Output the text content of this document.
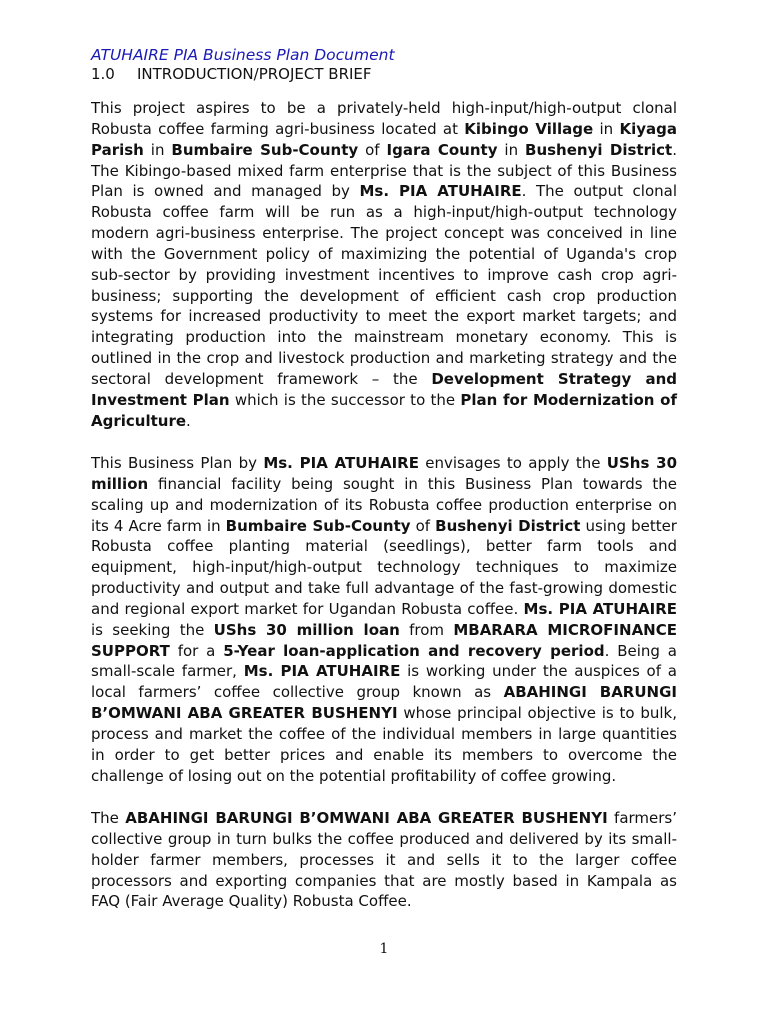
ATUHAIRE PIA Business Plan Document
1.0 INTRODUCTION/PROJECT BRIEF

This project aspires to be a privately-held high-input/high-output clonal Robusta coffee farming agri-business located at Kibingo Village in Kiyaga Parish in Bumbaire Sub-County of Igara County in Bushenyi District. The Kibingo-based mixed farm enterprise that is the subject of this Business Plan is owned and managed by Ms. PIA ATUHAIRE. The output clonal Robusta coffee farm will be run as a high-input/high-output technology modern agri-business enterprise. The project concept was conceived in line with the Government policy of maximizing the potential of Uganda's crop sub-sector by providing investment incentives to improve cash crop agri-business; supporting the development of efficient cash crop production systems for increased productivity to meet the export market targets; and integrating production into the mainstream monetary economy. This is outlined in the crop and livestock production and marketing strategy and the sectoral development framework – the Development Strategy and Investment Plan which is the successor to the Plan for Modernization of Agriculture.

This Business Plan by Ms. PIA ATUHAIRE envisages to apply the UShs 30 million financial facility being sought in this Business Plan towards the scaling up and modernization of its Robusta coffee production enterprise on its 4 Acre farm in Bumbaire Sub-County of Bushenyi District using better Robusta coffee planting material (seedlings), better farm tools and equipment, high-input/high-output technology techniques to maximize productivity and output and take full advantage of the fast-growing domestic and regional export market for Ugandan Robusta coffee. Ms. PIA ATUHAIRE is seeking the UShs 30 million loan from MBARARA MICROFINANCE SUPPORT for a 5-Year loan-application and recovery period. Being a small-scale farmer, Ms. PIA ATUHAIRE is working under the auspices of a local farmers’ coffee collective group known as ABAHINGI BARUNGI B’OMWANI ABA GREATER BUSHENYI whose principal objective is to bulk, process and market the coffee of the individual members in large quantities in order to get better prices and enable its members to overcome the challenge of losing out on the potential profitability of coffee growing.

The ABAHINGI BARUNGI B’OMWANI ABA GREATER BUSHENYI farmers’ collective group in turn bulks the coffee produced and delivered by its small-holder farmer members, processes it and sells it to the larger coffee processors and exporting companies that are mostly based in Kampala as FAQ (Fair Average Quality) Robusta Coffee.

1
